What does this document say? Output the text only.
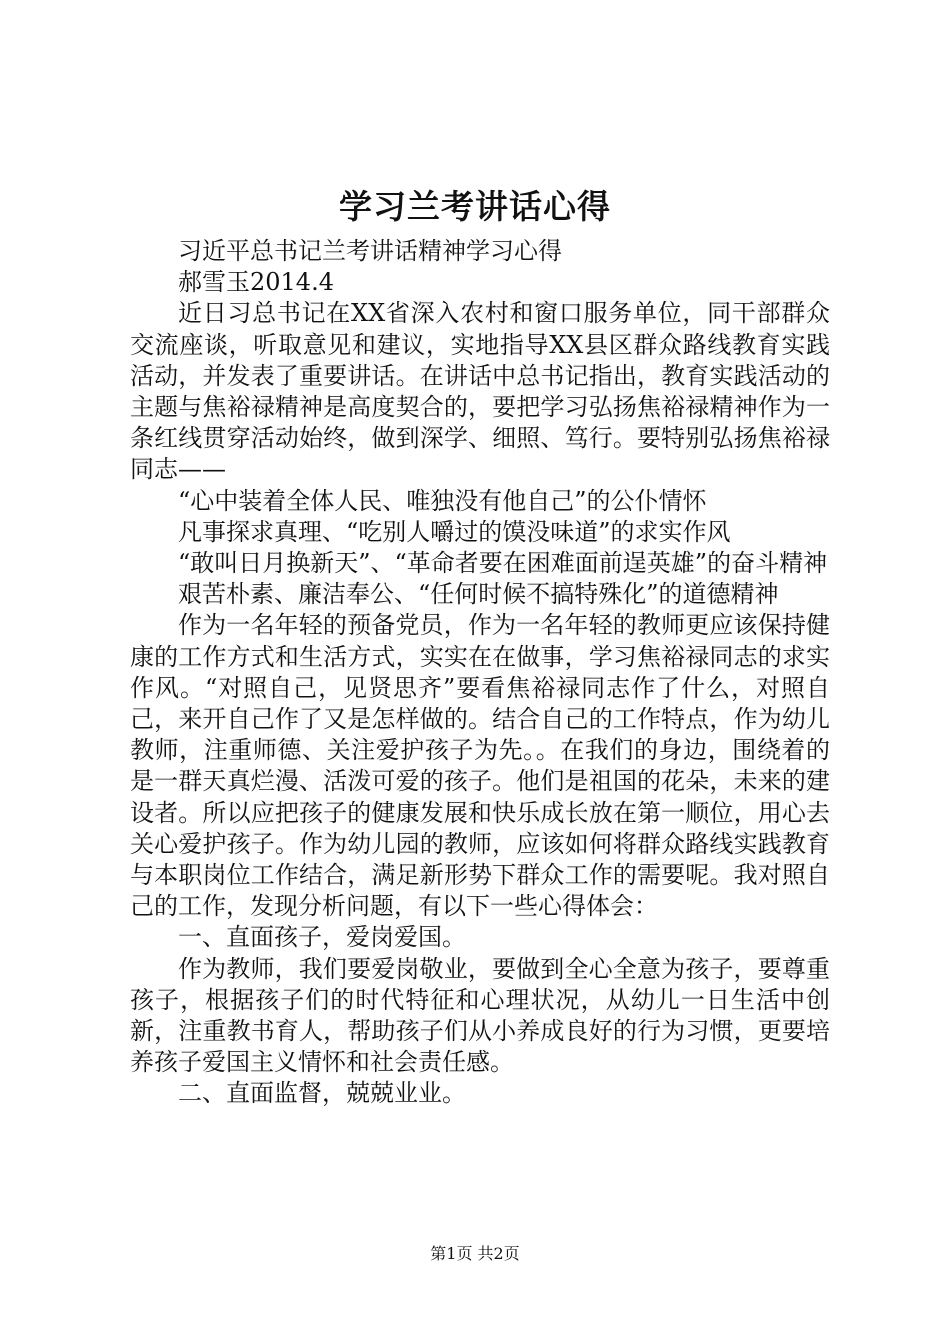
学习兰考讲话心得

习近平总书记兰考讲话精神学习心得

郝雪玉2014.4

近日习总书记在XX省深入农村和窗口服务单位，同干部群众交流座谈，听取意见和建议，实地指导XX县区群众路线教育实践活动，并发表了重要讲话。在讲话中总书记指出，教育实践活动的主题与焦裕禄精神是高度契合的，要把学习弘扬焦裕禄精神作为一条红线贯穿活动始终，做到深学、细照、笃行。要特别弘扬焦裕禄同志——

“心中装着全体人民、唯独没有他自己”的公仆情怀

凡事探求真理、“吃别人嚼过的馍没味道”的求实作风

“敢叫日月换新天”、“革命者要在困难面前逞英雄”的奋斗精神

艰苦朴素、廉洁奉公、“任何时候不搞特殊化”的道德精神

作为一名年轻的预备党员，作为一名年轻的教师更应该保持健康的工作方式和生活方式，实实在在做事，学习焦裕禄同志的求实作风。“对照自己，见贤思齐”要看焦裕禄同志作了什么，对照自己，来开自己作了又是怎样做的。结合自己的工作特点，作为幼儿教师，注重师德、关注爱护孩子为先。。在我们的身边，围绕着的是一群天真烂漫、活泼可爱的孩子。他们是祖国的花朵，未来的建设者。所以应把孩子的健康发展和快乐成长放在第一顺位，用心去关心爱护孩子。作为幼儿园的教师，应该如何将群众路线实践教育与本职岗位工作结合，满足新形势下群众工作的需要呢。我对照自己的工作，发现分析问题，有以下一些心得体会：

一、直面孩子，爱岗爱国。

作为教师，我们要爱岗敬业，要做到全心全意为孩子，要尊重孩子，根据孩子们的时代特征和心理状况，从幼儿一日生活中创新，注重教书育人，帮助孩子们从小养成良好的行为习惯，更要培养孩子爱国主义情怀和社会责任感。

二、直面监督，兢兢业业。

第1页 共2页
